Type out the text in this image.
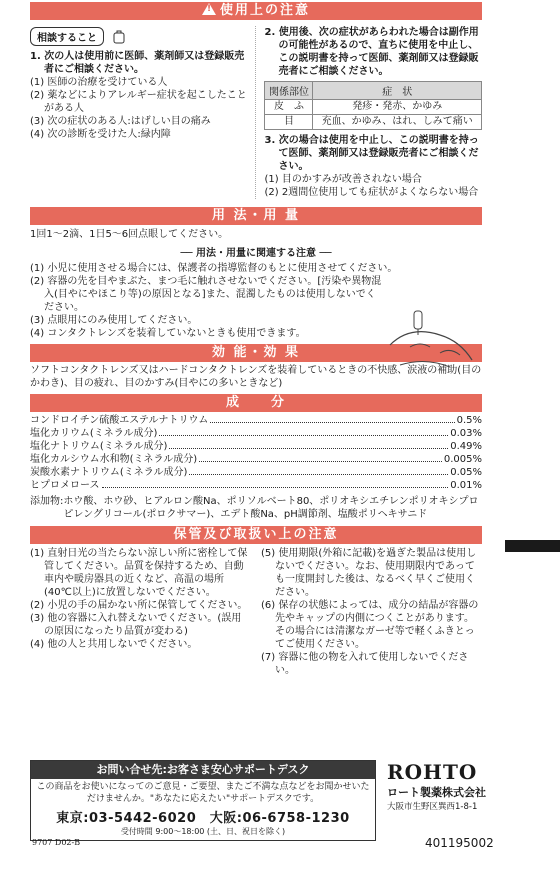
! 使用上の注意
相談すること
1. 次の人は使用前に医師、薬剤師又は登録販売者にご相談ください。
(1) 医師の治療を受けている人
(2) 薬などによりアレルギー症状を起こしたことがある人
(3) 次の症状のある人:はげしい目の痛み
(4) 次の診断を受けた人:緑内障
2. 使用後、次の症状があらわれた場合は副作用の可能性があるので、直ちに使用を中止し、この説明書を持って医師、薬剤師又は登録販売者にご相談ください。
関係部位	症　状
皮　ふ	発疹・発赤、かゆみ
目	充血、かゆみ、はれ、しみて痛い
3. 次の場合は使用を中止し、この説明書を持って医師、薬剤師又は登録販売者にご相談ください。
(1) 目のかすみが改善されない場合
(2) 2週間位使用しても症状がよくならない場合
用 法・用 量
1回1～2滴、1日5～6回点眼してください。
── 用法・用量に関連する注意 ──
(1) 小児に使用させる場合には、保護者の指導監督のもとに使用させてください。
(2) 容器の先を目やまぶた、まつ毛に触れさせないでください。[汚染や異物混入(目やにやほこり等)の原因となる]また、混濁したものは使用しないでください。
(3) 点眼用にのみ使用してください。
(4) コンタクトレンズを装着していないときも使用できます。
効 能・効 果
ソフトコンタクトレンズ又はハードコンタクトレンズを装着しているときの不快感、涙液の補助(目のかわき)、目の疲れ、目のかすみ(目やにの多いときなど)
成　　分
コンドロイチン硫酸エステルナトリウム	0.5%
塩化カリウム(ミネラル成分)	0.03%
塩化ナトリウム(ミネラル成分)	0.49%
塩化カルシウム水和物(ミネラル成分)	0.005%
炭酸水素ナトリウム(ミネラル成分)	0.05%
ヒプロメロース	0.01%
添加物: ホウ酸、ホウ砂、ヒアルロン酸Na、ポリソルベート80、ポリオキシエチレンポリオキシプロピレングリコール(ポロクサマー)、エデト酸Na、pH調節剤、塩酸ポリヘキサニド
保管及び取扱い上の注意
(1) 直射日光の当たらない涼しい所に密栓して保管してください。品質を保持するため、自動車内や暖房器具の近くなど、高温の場所(40℃以上)に放置しないでください。
(2) 小児の手の届かない所に保管してください。
(3) 他の容器に入れ替えないでください。(誤用の原因になったり品質が変わる)
(4) 他の人と共用しないでください。
(5) 使用期限(外箱に記載)を過ぎた製品は使用しないでください。なお、使用期限内であっても一度開封した後は、なるべく早くご使用ください。
(6) 保存の状態によっては、成分の結晶が容器の先やキャップの内側につくことがあります。その場合には清潔なガーゼ等で軽くふきとってご使用ください。
(7) 容器に他の物を入れて使用しないでください。
お問い合せ先:お客さま安心サポートデスク
この商品をお使いになってのご意見・ご要望、またご不満な点などをお聞かせいただけませんか。"あなたに応えたい"サポートデスクです。
東京:03-5442-6020　大阪:06-6758-1230
受付時間 9:00～18:00 (土、日、祝日を除く)
ROHTO
ロート製薬株式会社
大阪市生野区巽西1-8-1
9707 D02-B	401195002
